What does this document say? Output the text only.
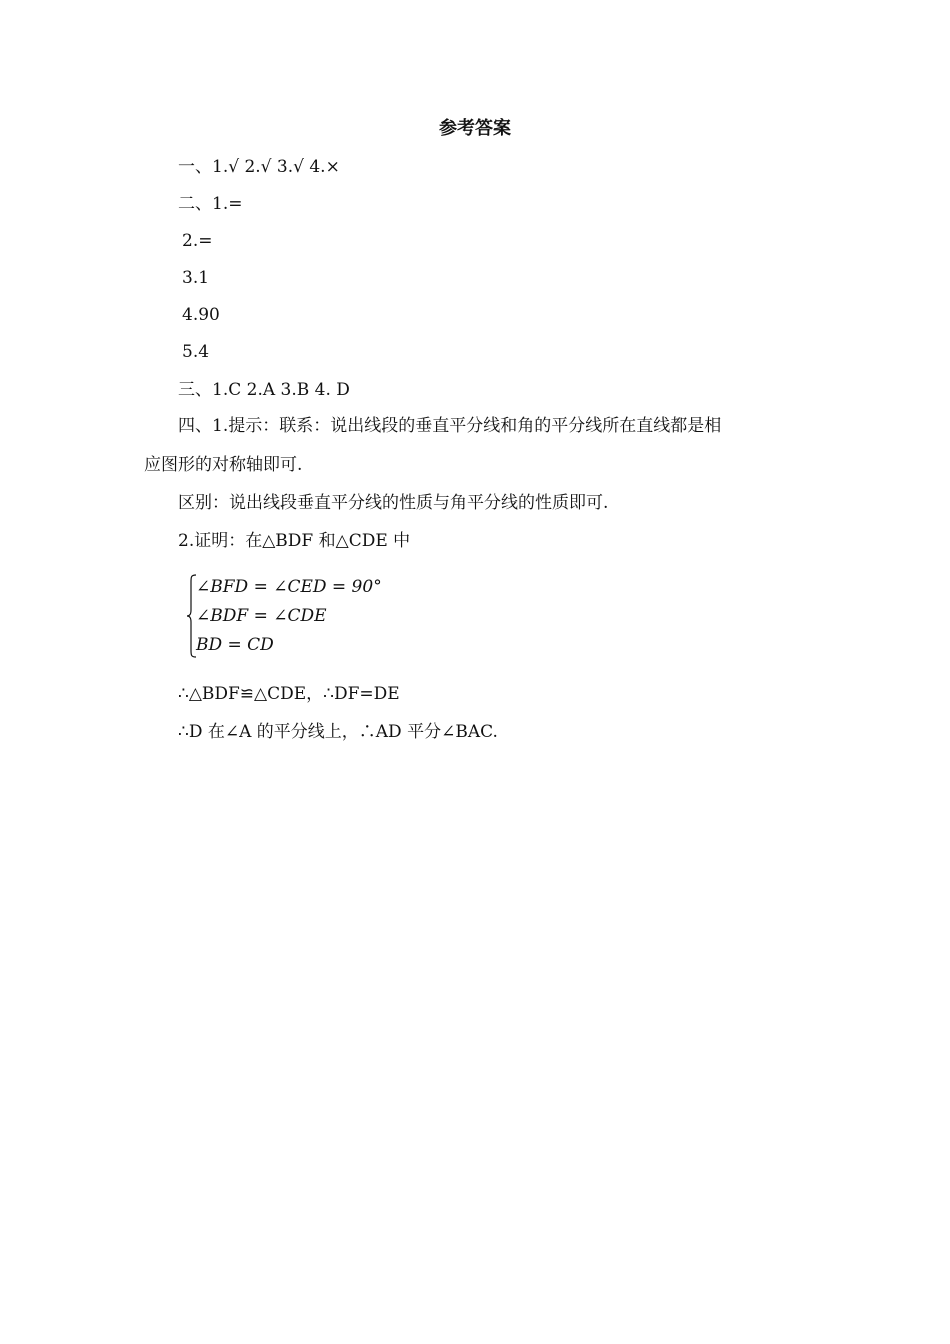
参考答案
一、1.√ 2.√ 3.√ 4.×
二、1.=
2.=
3.1
4.90
5.4
三、1.C 2.A 3.B 4. D
四、1.提示：联系：说出线段的垂直平分线和角的平分线所在直线都是相
应图形的对称轴即可.
区别：说出线段垂直平分线的性质与角平分线的性质即可.
2.证明：在△BDF 和△CDE 中
∠BFD = ∠CED = 90°
∠BDF = ∠CDE
BD = CD
∴△BDF≌△CDE，∴DF=DE
∴D 在∠A 的平分线上，∴AD 平分∠BAC.
